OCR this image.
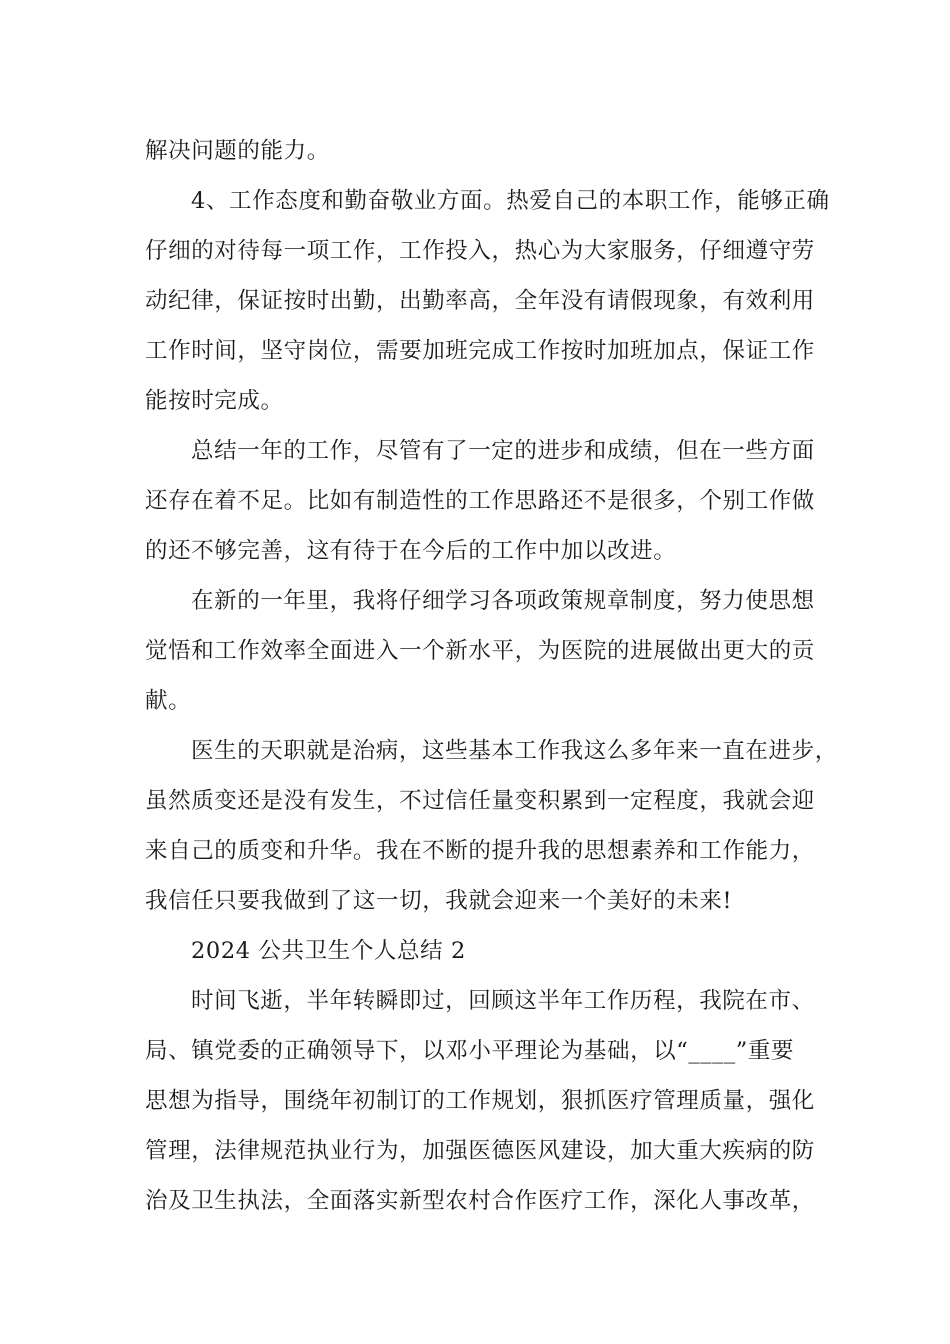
解决问题的能力。
4、工作态度和勤奋敬业方面。热爱自己的本职工作，能够正确
仔细的对待每一项工作，工作投入，热心为大家服务，仔细遵守劳
动纪律，保证按时出勤，出勤率高，全年没有请假现象，有效利用
工作时间，坚守岗位，需要加班完成工作按时加班加点，保证工作
能按时完成。
总结一年的工作，尽管有了一定的进步和成绩，但在一些方面
还存在着不足。比如有制造性的工作思路还不是很多，个别工作做
的还不够完善，这有待于在今后的工作中加以改进。
在新的一年里，我将仔细学习各项政策规章制度，努力使思想
觉悟和工作效率全面进入一个新水平，为医院的进展做出更大的贡
献。
医生的天职就是治病，这些基本工作我这么多年来一直在进步，
虽然质变还是没有发生，不过信任量变积累到一定程度，我就会迎
来自己的质变和升华。我在不断的提升我的思想素养和工作能力，
我信任只要我做到了这一切，我就会迎来一个美好的未来!
2024 公共卫生个人总结 2
时间飞逝，半年转瞬即过，回顾这半年工作历程，我院在市、
局、镇党委的正确领导下，以邓小平理论为基础，以“____”重要
思想为指导，围绕年初制订的工作规划，狠抓医疗管理质量，强化
管理，法律规范执业行为，加强医德医风建设，加大重大疾病的防
治及卫生执法，全面落实新型农村合作医疗工作，深化人事改革，
